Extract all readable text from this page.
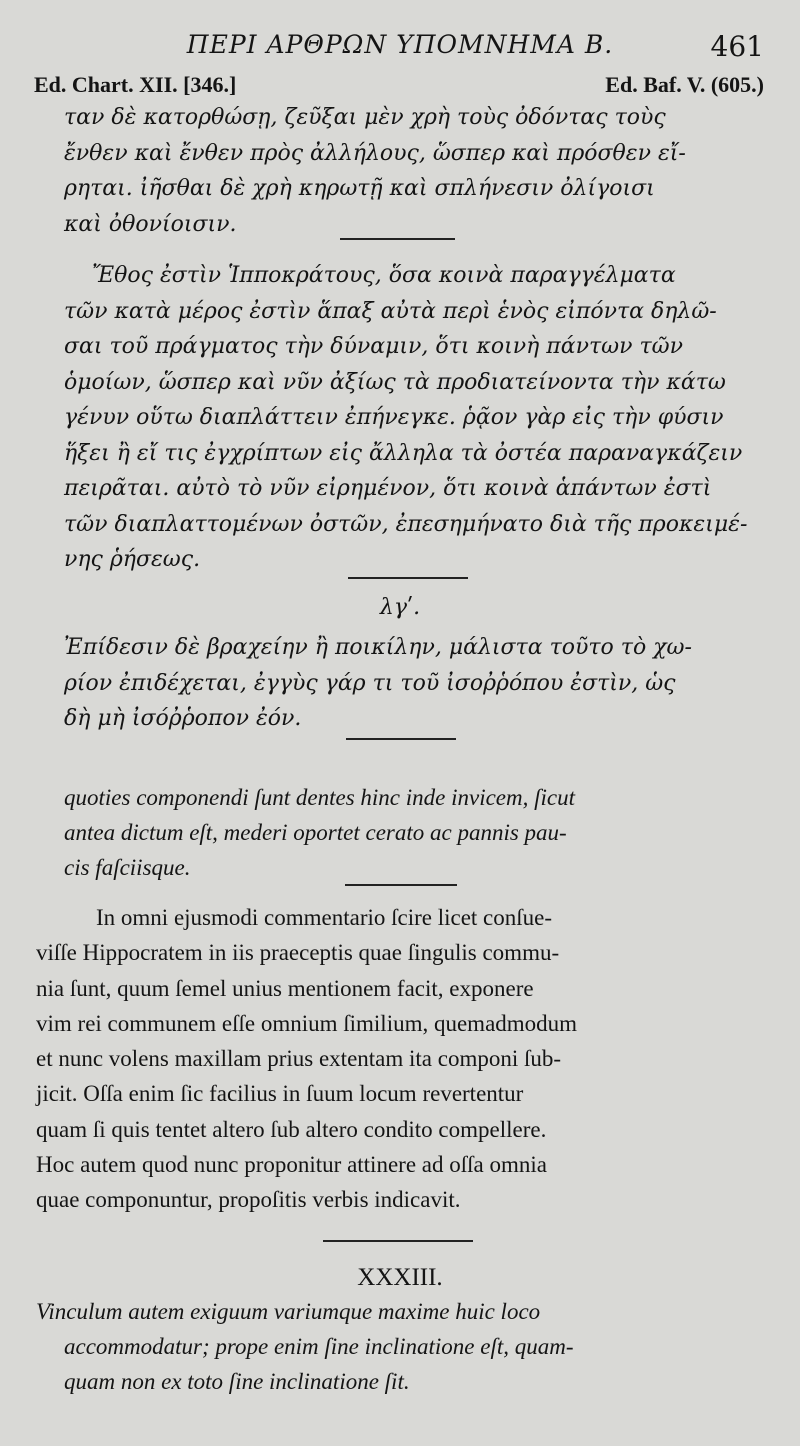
ΠΕΡΙ ΑΡΘΡΩΝ ΥΠΟΜΝΗΜΑ Β.	461
Ed. Chart. XII. [346.]	Ed. Baf. V. (605.)
ταν δὲ κατορθώσῃ, ζεῦξαι μὲν χρὴ τοὺς ὀδόντας τοὺς
ἔνθεν καὶ ἔνθεν πρὸς ἀλλήλους, ὥσπερ καὶ πρόσθεν εἴ-
ρηται. ἰῆσθαι δὲ χρὴ κηρωτῇ καὶ σπλήνεσιν ὀλίγοισι
καὶ ὀθονίοισιν.
Ἔθος ἐστὶν Ἱπποκράτους, ὅσα κοινὰ παραγγέλματα
τῶν κατὰ μέρος ἐστὶν ἅπαξ αὐτὰ περὶ ἑνὸς εἰπόντα δηλῶ-
σαι τοῦ πράγματος τὴν δύναμιν, ὅτι κοινὴ πάντων τῶν
ὁμοίων, ὥσπερ καὶ νῦν ἀξίως τὰ προδιατείνοντα τὴν κάτω
γένυν οὕτω διαπλάττειν ἐπήνεγκε. ῥᾷον γὰρ εἰς τὴν φύσιν
ἥξει ἢ εἴ τις ἐγχρίπτων εἰς ἄλληλα τὰ ὀστέα παραναγκάζειν
πειρᾶται. αὐτὸ τὸ νῦν εἰρημένον, ὅτι κοινὰ ἁπάντων ἐστὶ
τῶν διαπλαττομένων ὀστῶν, ἐπεσημήνατο διὰ τῆς προκειμέ-
νης ῥήσεως.
λγʹ.
Ἐπίδεσιν δὲ βραχείην ἢ ποικίλην, μάλιστα τοῦτο τὸ χω-
ρίον ἐπιδέχεται, ἐγγὺς γάρ τι τοῦ ἰσοῤῥόπου ἐστὶν, ὡς
δὴ μὴ ἰσόῤῥοπον ἐόν.
quoties componendi ſunt dentes hinc inde invicem, ſicut
antea dictum eſt, mederi oportet cerato ac pannis pau-
cis faſciisque.
In omni ejusmodi commentario ſcire licet conſue-
viſſe Hippocratem in iis praeceptis quae ſingulis commu-
nia ſunt, quum ſemel unius mentionem facit, exponere
vim rei communem eſſe omnium ſimilium, quemadmodum
et nunc volens maxillam prius extentam ita componi ſub-
jicit. Oſſa enim ſic facilius in ſuum locum revertentur
quam ſi quis tentet altero ſub altero condito compellere.
Hoc autem quod nunc proponitur attinere ad oſſa omnia
quae componuntur, propoſitis verbis indicavit.
XXXIII.
Vinculum autem exiguum variumque maxime huic loco
accommodatur; prope enim ſine inclinatione eſt, quam-
quam non ex toto ſine inclinatione ſit.
